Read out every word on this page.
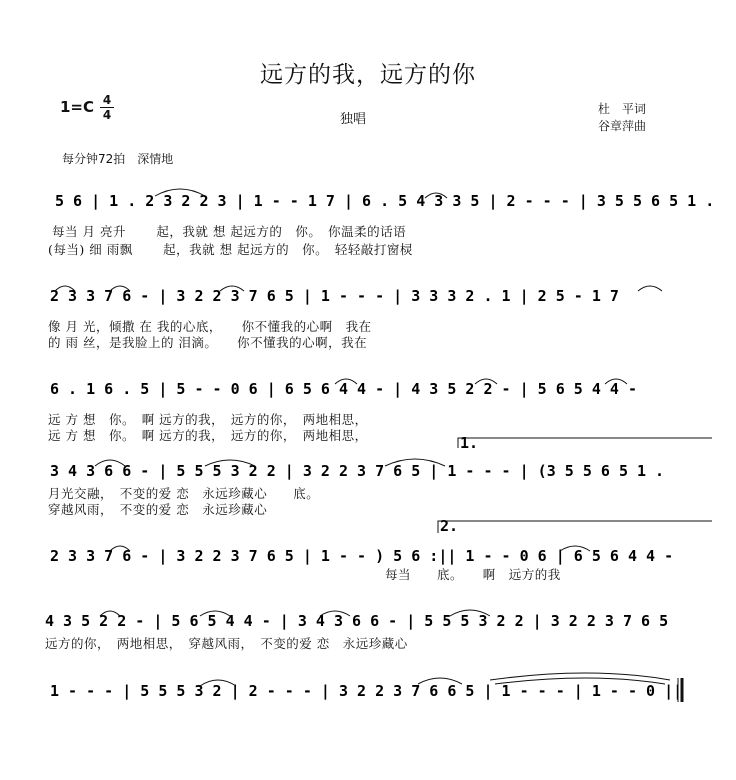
远方的我，远方的你
1=C 4
4	独唱
杜　平词
谷章萍曲
每分钟72拍　深情地
5 6 | 1 . 2 3 2 2 3 | 1 - - 1 7 | 6 . 5 4 3 3 5 | 2 - - - | 3 5 5 6 5 1 .
每当 月 亮升　　 起，我就 想 起远方的　你。　你温柔的话语
(每当) 细 雨飘　　 起，我就 想 起远方的　你。　轻轻敲打窗棂
2 3 3 7 6 - | 3 2 2 3 7 6 5 | 1 - - - | 3 3 3 2 . 1 | 2 5 - 1 7
像 月 光，倾撒 在 我的心底，　　你不懂我的心啊　我在
的 雨 丝，是我脸上的 泪滴。　　你不懂我的心啊，我在
6 . 1 6 . 5 | 5 - - 0 6 | 6 5 6 4 4 - | 4 3 5 2 2 - | 5 6 5 4 4 -
远 方 想　你。　啊 远方的我，　远方的你，　两地相思，
远 方 想　你。　啊 远方的我，　远方的你，　两地相思，	1.
3 4 3 6 6 - | 5 5 5 3 2 2 | 3 2 2 3 7 6 5 | 1 - - - | (3 5 5 6 5 1 .
月光交融，　不变的爱 恋　永远珍藏心　　底。
穿越风雨，　不变的爱 恋　永远珍藏心
2.
2 3 3 7 6 - | 3 2 2 3 7 6 5 | 1 - - ) 5 6 :|| 1 - - 0 6 | 6 5 6 4 4 -
每当　　底。　　啊　远方的我
4 3 5 2 2 - | 5 6 5 4 4 - | 3 4 3 6 6 - | 5 5 5 3 2 2 | 3 2 2 3 7 6 5
远方的你，　两地相思，　穿越风雨，　不变的爱 恋　永远珍藏心
1 - - - | 5 5 5 3 2 | 2 - - - | 3 2 2 3 7 6 6 5 | 1 - - - | 1 - - 0 ||
